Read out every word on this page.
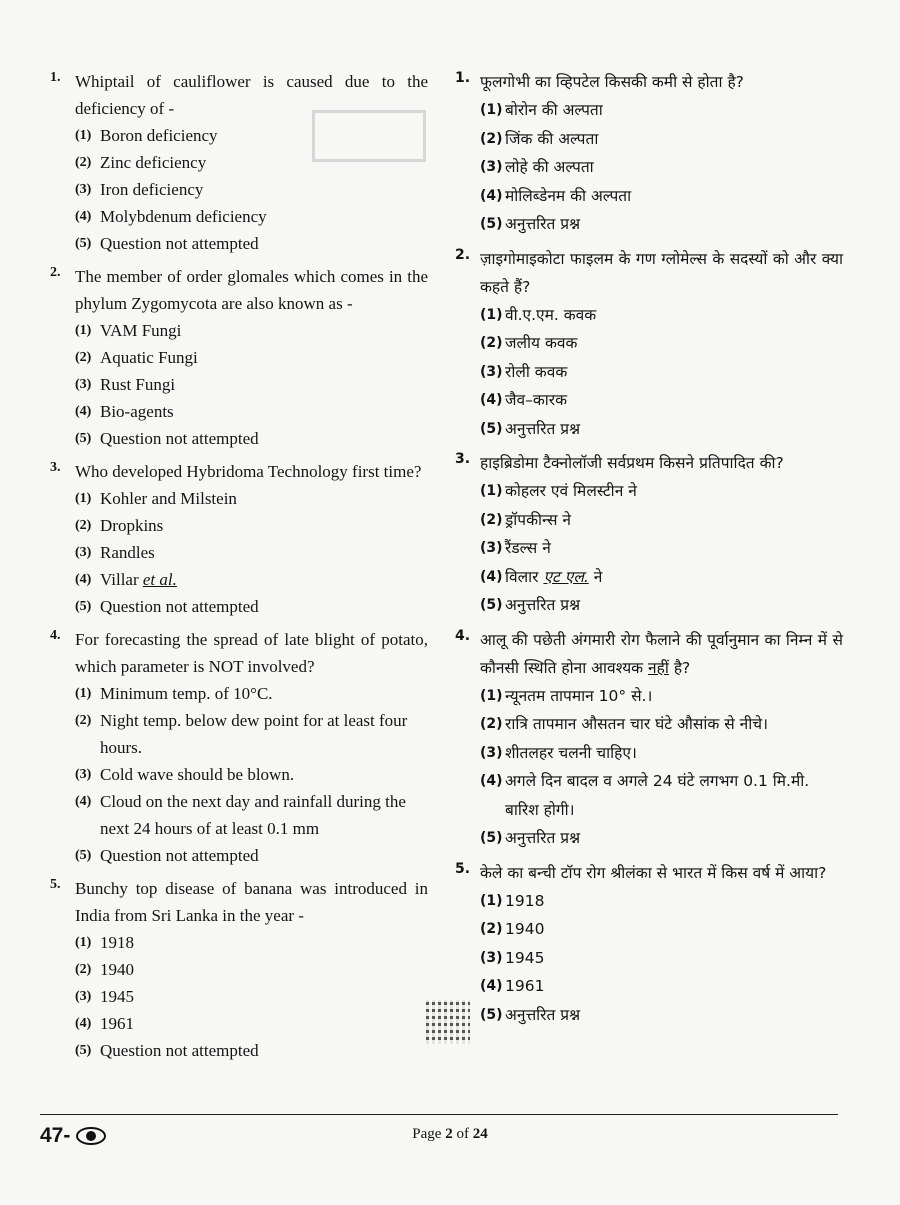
1. Whiptail of cauliflower is caused due to the deficiency of -
(1) Boron deficiency
(2) Zinc deficiency
(3) Iron deficiency
(4) Molybdenum deficiency
(5) Question not attempted
2. The member of order glomales which comes in the phylum Zygomycota are also known as -
(1) VAM Fungi
(2) Aquatic Fungi
(3) Rust Fungi
(4) Bio-agents
(5) Question not attempted
3. Who developed Hybridoma Technology first time?
(1) Kohler and Milstein
(2) Dropkins
(3) Randles
(4) Villar et al.
(5) Question not attempted
4. For forecasting the spread of late blight of potato, which parameter is NOT involved?
(1) Minimum temp. of 10°C.
(2) Night temp. below dew point for at least four hours.
(3) Cold wave should be blown.
(4) Cloud on the next day and rainfall during the next 24 hours of at least 0.1 mm
(5) Question not attempted
5. Bunchy top disease of banana was introduced in India from Sri Lanka in the year -
(1) 1918
(2) 1940
(3) 1945
(4) 1961
(5) Question not attempted
1. फूलगोभी का व्हिपटेल किसकी कमी से होता है?
(1) बोरोन की अल्पता
(2) जिंक की अल्पता
(3) लोहे की अल्पता
(4) मोलिब्डेनम की अल्पता
(5) अनुत्तरित प्रश्न
2. ज़ाइगोमाइकोटा फाइलम के गण ग्लोमेल्स के सदस्यों को और क्या कहते हैं?
(1) वी.ए.एम. कवक
(2) जलीय कवक
(3) रोली कवक
(4) जैव–कारक
(5) अनुत्तरित प्रश्न
3. हाइब्रिडोमा टैक्नोलॉजी सर्वप्रथम किसने प्रतिपादित की?
(1) कोहलर एवं मिलस्टीन ने
(2) ड्रॉपकीन्स ने
(3) रैंडल्स ने
(4) विलार एट एल. ने
(5) अनुत्तरित प्रश्न
4. आलू की पछेती अंगमारी रोग फैलाने की पूर्वानुमान का निम्न में से कौनसी स्थिति होना आवश्यक नहीं है?
(1) न्यूनतम तापमान 10° से.।
(2) रात्रि तापमान औसतन चार घंटे औसांक से नीचे।
(3) शीतलहर चलनी चाहिए।
(4) अगले दिन बादल व अगले 24 घंटे लगभग 0.1 मि.मी. बारिश होगी।
(5) अनुत्तरित प्रश्न
5. केले का बन्ची टॉप रोग श्रीलंका से भारत में किस वर्ष में आया?
(1) 1918
(2) 1940
(3) 1945
(4) 1961
(5) अनुत्तरित प्रश्न
47-	Page 2 of 24
